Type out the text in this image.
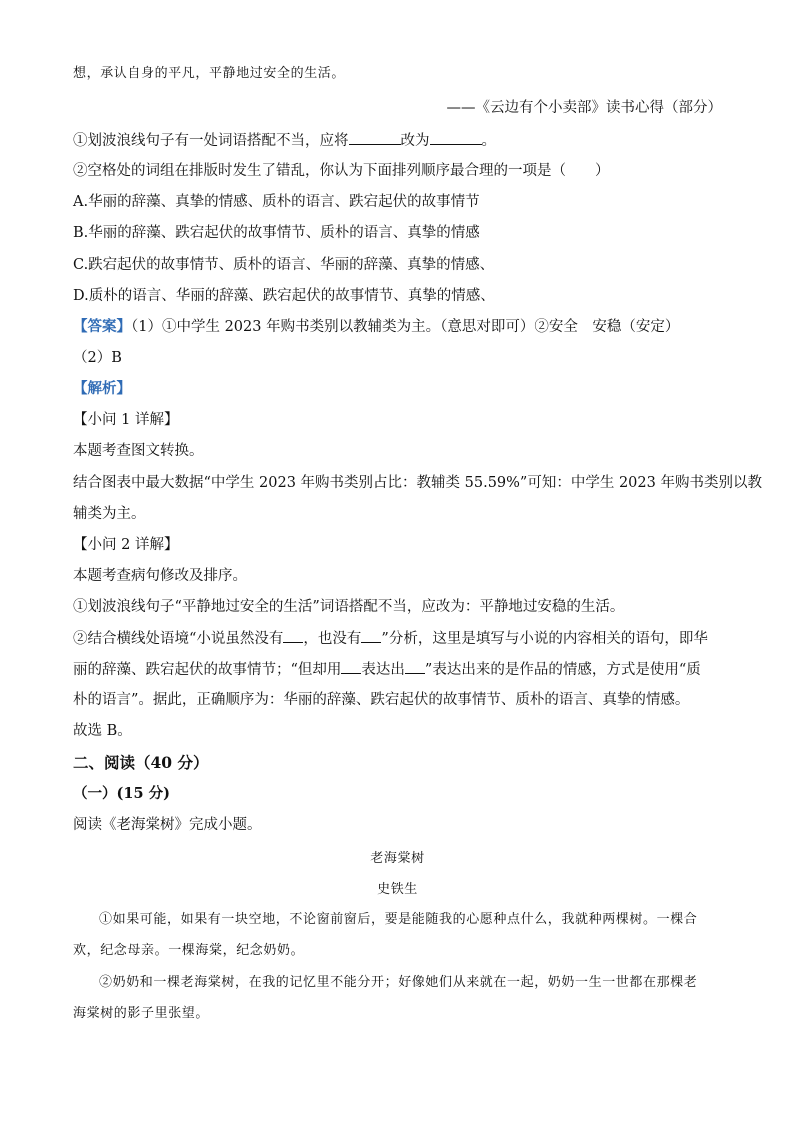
想，承认自身的平凡，平静地过安全的生活。
——《云边有个小卖部》读书心得（部分）
①划波浪线句子有一处词语搭配不当，应将	改为	。
②空格处的词组在排版时发生了错乱，你认为下面排列顺序最合理的一项是（　　）
A.华丽的辞藻、真挚的情感、质朴的语言、跌宕起伏的故事情节
B.华丽的辞藻、跌宕起伏的故事情节、质朴的语言、真挚的情感
C.跌宕起伏的故事情节、质朴的语言、华丽的辞藻、真挚的情感、
D.质朴的语言、华丽的辞藻、跌宕起伏的故事情节、真挚的情感、
【答案】（1）①中学生 2023 年购书类别以教辅类为主。（意思对即可）②安全　安稳（安定）
（2）B
【解析】
【小问 1 详解】
本题考查图文转换。
结合图表中最大数据“中学生 2023 年购书类别占比：教辅类 55.59%”可知：中学生 2023 年购书类别以教
辅类为主。
【小问 2 详解】
本题考查病句修改及排序。
①划波浪线句子“平静地过安全的生活”词语搭配不当，应改为：平静地过安稳的生活。
②结合横线处语境“小说虽然没有 ，也没有 ”分析，这里是填写与小说的内容相关的语句，即华
丽的辞藻、跌宕起伏的故事情节；“但却用 表达出 ”表达出来的是作品的情感，方式是使用“质
朴的语言”。据此，正确顺序为：华丽的辞藻、跌宕起伏的故事情节、质朴的语言、真挚的情感。
故选 B。
二、阅读（40 分）
（一）(15 分)
阅读《老海棠树》完成小题。
老海棠树
史铁生
①如果可能，如果有一块空地，不论窗前窗后，要是能随我的心愿种点什么，我就种两棵树。一棵合
欢，纪念母亲。一棵海棠，纪念奶奶。
②奶奶和一棵老海棠树，在我的记忆里不能分开；好像她们从来就在一起，奶奶一生一世都在那棵老
海棠树的影子里张望。
